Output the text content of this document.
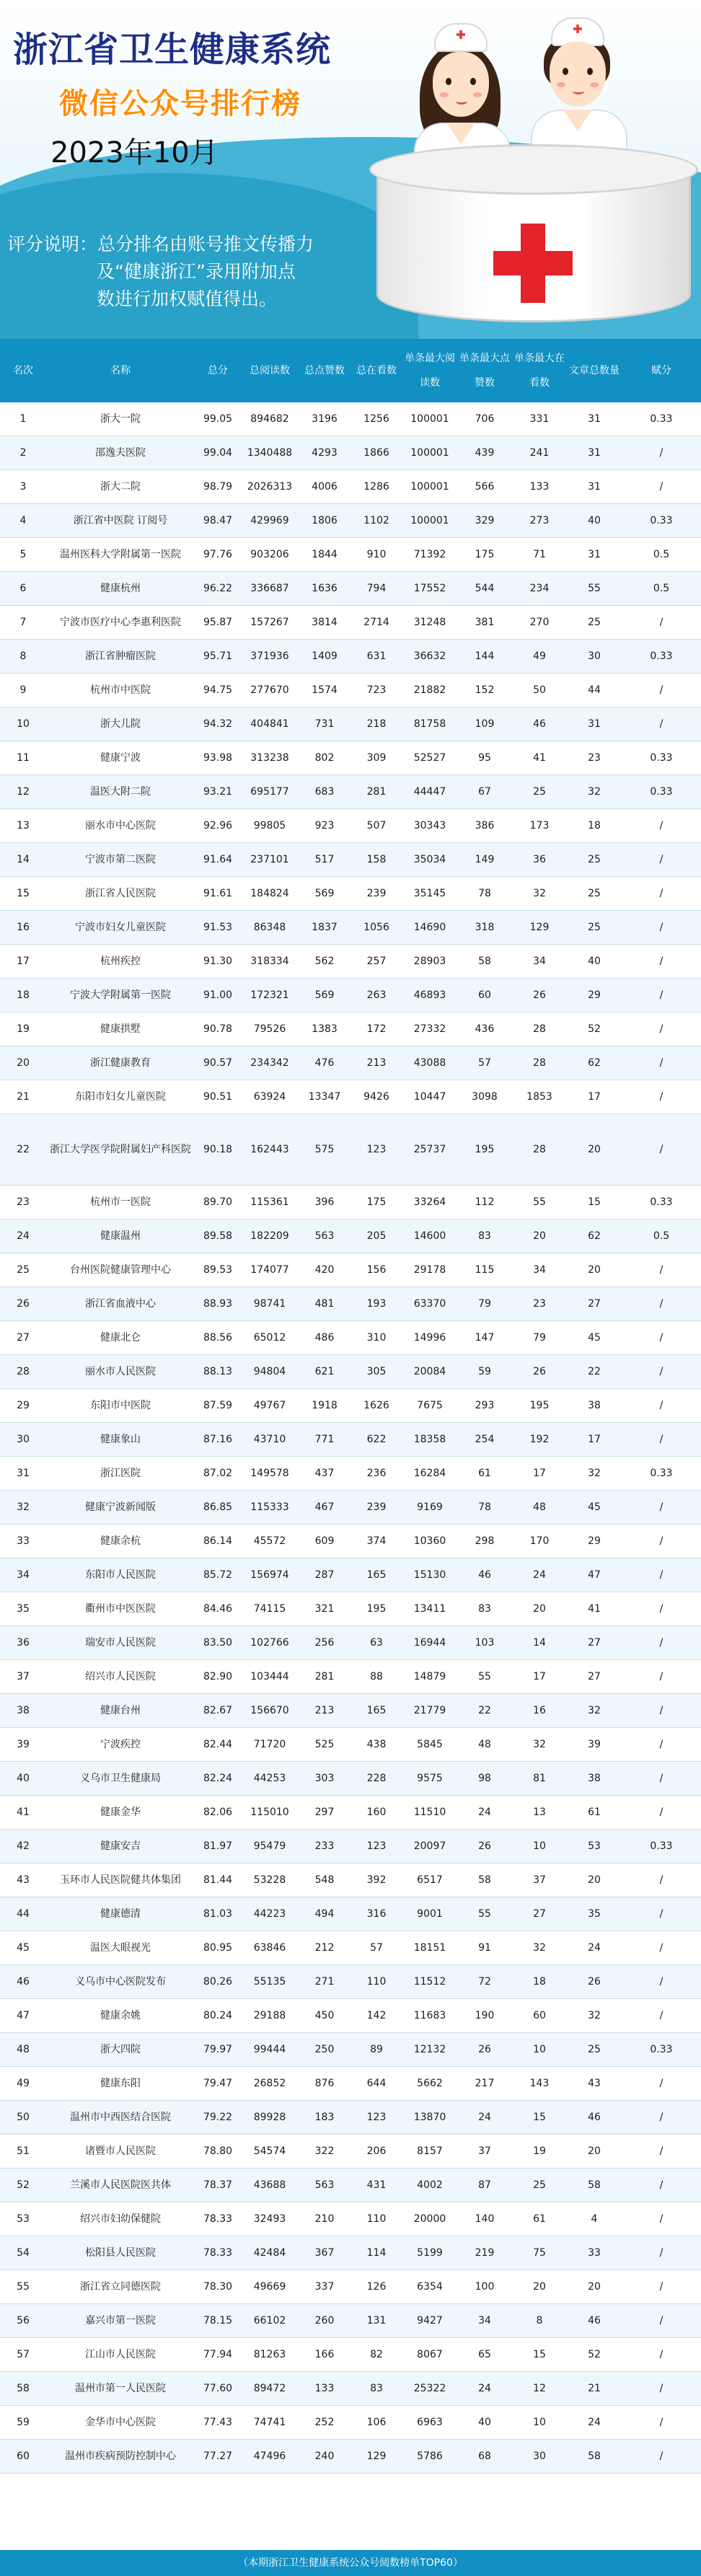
浙江省卫生健康系统
微信公众号排行榜

2023年10月

评分说明：总分排名由账号推文传播力
及“健康浙江”录用附加点
数进行加权赋值得出。

名次	名称	总分	总阅读数	总点赞数	总在看数	单条最大阅读数	单条最大点赞数	单条最大在看数	文章总数量	赋分
1	浙大一院	99.05	894682	3196	1256	100001	706	331	31	0.33
2	邵逸夫医院	99.04	1340488	4293	1866	100001	439	241	31	/
3	浙大二院	98.79	2026313	4006	1286	100001	566	133	31	/
4	浙江省中医院 订阅号	98.47	429969	1806	1102	100001	329	273	40	0.33
5	温州医科大学附属第一医院	97.76	903206	1844	910	71392	175	71	31	0.5
6	健康杭州	96.22	336687	1636	794	17552	544	234	55	0.5
7	宁波市医疗中心李惠利医院	95.87	157267	3814	2714	31248	381	270	25	/
8	浙江省肿瘤医院	95.71	371936	1409	631	36632	144	49	30	0.33
9	杭州市中医院	94.75	277670	1574	723	21882	152	50	44	/
10	浙大儿院	94.32	404841	731	218	81758	109	46	31	/
11	健康宁波	93.98	313238	802	309	52527	95	41	23	0.33
12	温医大附二院	93.21	695177	683	281	44447	67	25	32	0.33
13	丽水市中心医院	92.96	99805	923	507	30343	386	173	18	/
14	宁波市第二医院	91.64	237101	517	158	35034	149	36	25	/
15	浙江省人民医院	91.61	184824	569	239	35145	78	32	25	/
16	宁波市妇女儿童医院	91.53	86348	1837	1056	14690	318	129	25	/
17	杭州疾控	91.30	318334	562	257	28903	58	34	40	/
18	宁波大学附属第一医院	91.00	172321	569	263	46893	60	26	29	/
19	健康拱墅	90.78	79526	1383	172	27332	436	28	52	/
20	浙江健康教育	90.57	234342	476	213	43088	57	28	62	/
21	东阳市妇女儿童医院	90.51	63924	13347	9426	10447	3098	1853	17	/
22	浙江大学医学院附属妇产科医院	90.18	162443	575	123	25737	195	28	20	/
23	杭州市一医院	89.70	115361	396	175	33264	112	55	15	0.33
24	健康温州	89.58	182209	563	205	14600	83	20	62	0.5
25	台州医院健康管理中心	89.53	174077	420	156	29178	115	34	20	/
26	浙江省血液中心	88.93	98741	481	193	63370	79	23	27	/
27	健康北仑	88.56	65012	486	310	14996	147	79	45	/
28	丽水市人民医院	88.13	94804	621	305	20084	59	26	22	/
29	东阳市中医院	87.59	49767	1918	1626	7675	293	195	38	/
30	健康象山	87.16	43710	771	622	18358	254	192	17	/
31	浙江医院	87.02	149578	437	236	16284	61	17	32	0.33
32	健康宁波新闻版	86.85	115333	467	239	9169	78	48	45	/
33	健康余杭	86.14	45572	609	374	10360	298	170	29	/
34	东阳市人民医院	85.72	156974	287	165	15130	46	24	47	/
35	衢州市中医医院	84.46	74115	321	195	13411	83	20	41	/
36	瑞安市人民医院	83.50	102766	256	63	16944	103	14	27	/
37	绍兴市人民医院	82.90	103444	281	88	14879	55	17	27	/
38	健康台州	82.67	156670	213	165	21779	22	16	32	/
39	宁波疾控	82.44	71720	525	438	5845	48	32	39	/
40	义乌市卫生健康局	82.24	44253	303	228	9575	98	81	38	/
41	健康金华	82.06	115010	297	160	11510	24	13	61	/
42	健康安吉	81.97	95479	233	123	20097	26	10	53	0.33
43	玉环市人民医院健共体集团	81.44	53228	548	392	6517	58	37	20	/
44	健康德清	81.03	44223	494	316	9001	55	27	35	/
45	温医大眼视光	80.95	63846	212	57	18151	91	32	24	/
46	义乌市中心医院发布	80.26	55135	271	110	11512	72	18	26	/
47	健康余姚	80.24	29188	450	142	11683	190	60	32	/
48	浙大四院	79.97	99444	250	89	12132	26	10	25	0.33
49	健康东阳	79.47	26852	876	644	5662	217	143	43	/
50	温州市中西医结合医院	79.22	89928	183	123	13870	24	15	46	/
51	诸暨市人民医院	78.80	54574	322	206	8157	37	19	20	/
52	兰溪市人民医院医共体	78.37	43688	563	431	4002	87	25	58	/
53	绍兴市妇幼保健院	78.33	32493	210	110	20000	140	61	4	/
54	松阳县人民医院	78.33	42484	367	114	5199	219	75	33	/
55	浙江省立同德医院	78.30	49669	337	126	6354	100	20	20	/
56	嘉兴市第一医院	78.15	66102	260	131	9427	34	8	46	/
57	江山市人民医院	77.94	81263	166	82	8067	65	15	52	/
58	温州市第一人民医院	77.60	89472	133	83	25322	24	12	21	/
59	金华市中心医院	77.43	74741	252	106	6963	40	10	24	/
60	温州市疾病预防控制中心	77.27	47496	240	129	5786	68	30	58	/

（本期浙江卫生健康系统公众号阅数榜单TOP60）
